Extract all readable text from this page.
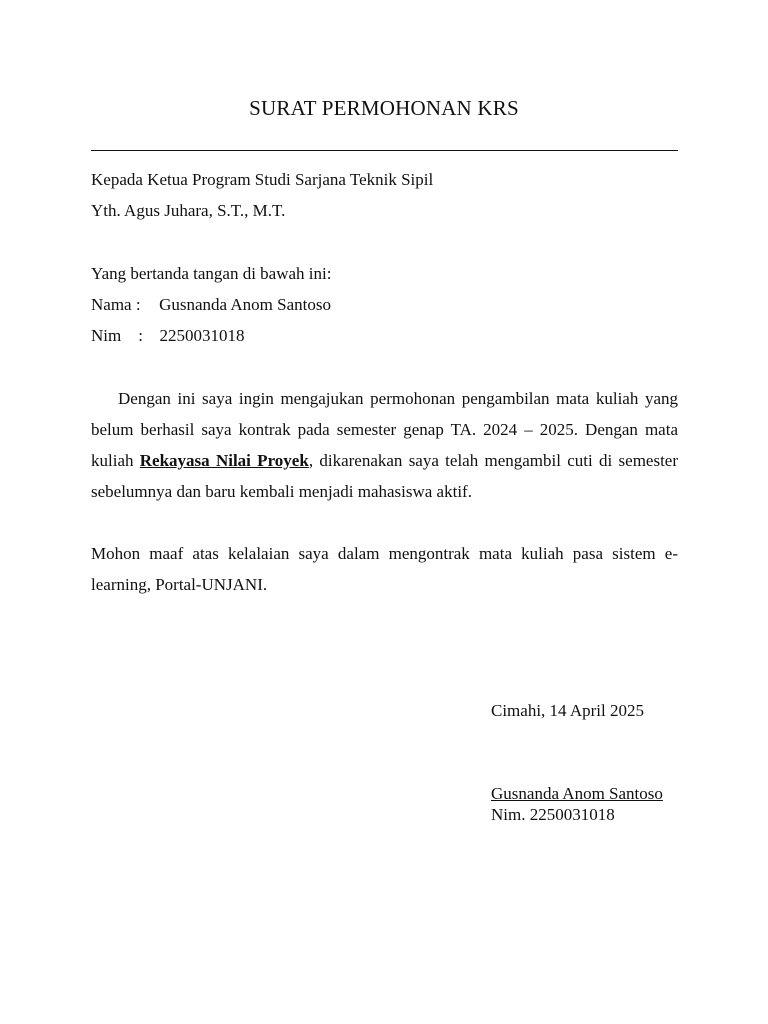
SURAT PERMOHONAN KRS
Kepada Ketua Program Studi Sarjana Teknik Sipil
Yth. Agus Juhara, S.T., M.T.
Yang bertanda tangan di bawah ini:
Nama : Gusnanda Anom Santoso
Nim    : 2250031018
Dengan ini saya ingin mengajukan permohonan pengambilan mata kuliah yang belum berhasil saya kontrak pada semester genap TA. 2024 – 2025. Dengan mata kuliah Rekayasa Nilai Proyek, dikarenakan saya telah mengambil cuti di semester sebelumnya dan baru kembali menjadi mahasiswa aktif.
Mohon maaf atas kelalaian saya dalam mengontrak mata kuliah pasa sistem e-learning, Portal-UNJANI.
Cimahi, 14 April 2025
Gusnanda Anom Santoso
Nim. 2250031018
